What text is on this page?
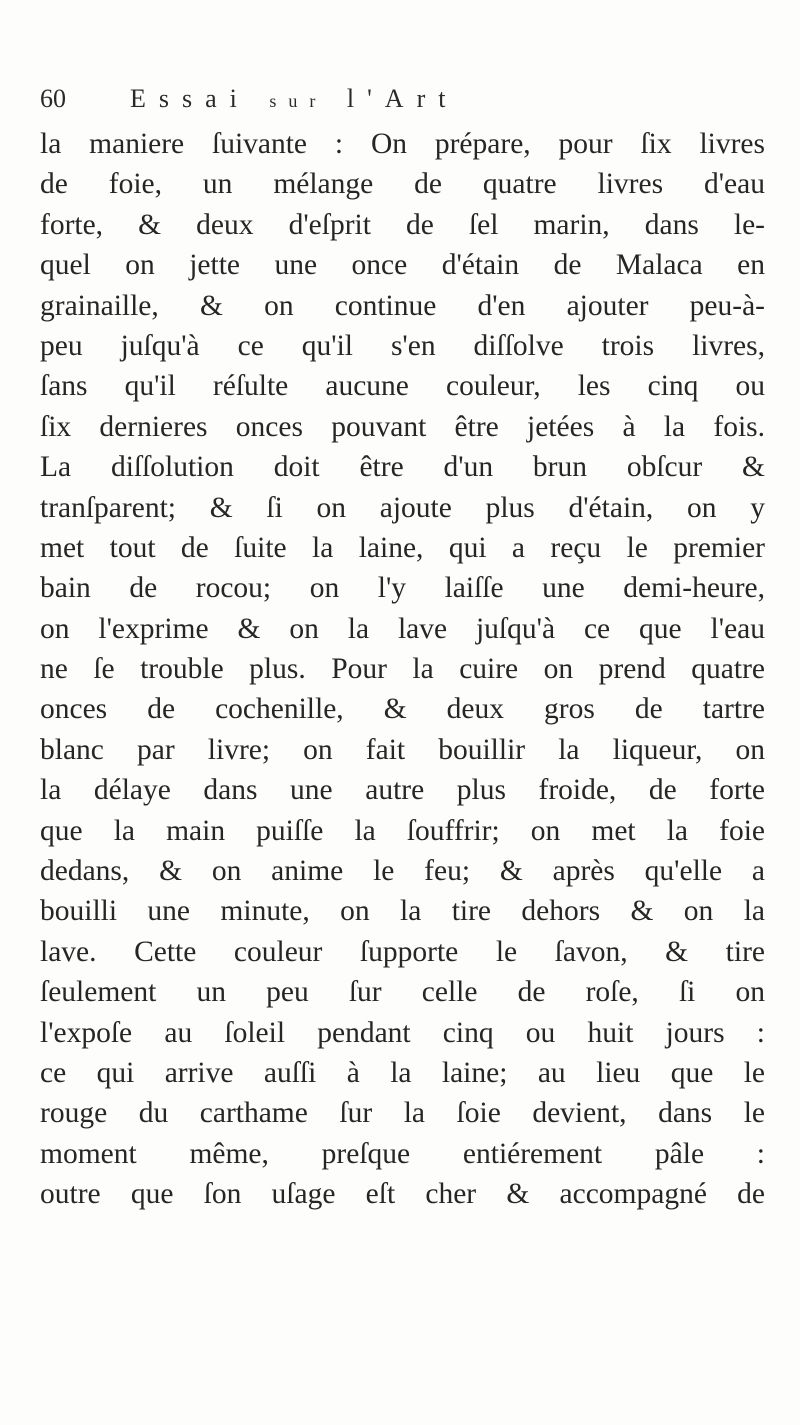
60	Essai sur l'Art
la maniere ſuivante : On prépare, pour ſix livres
de foie, un mélange de quatre livres d'eau
forte, & deux d'eſprit de ſel marin, dans le-
quel on jette une once d'étain de Malaca en
grainaille, & on continue d'en ajouter peu-à-
peu juſqu'à ce qu'il s'en diſſolve trois livres,
ſans qu'il réſulte aucune couleur, les cinq ou
ſix dernieres onces pouvant être jetées à la fois.
La diſſolution doit être d'un brun obſcur &
tranſparent; & ſi on ajoute plus d'étain, on y
met tout de ſuite la laine, qui a reçu le premier
bain de rocou; on l'y laiſſe une demi-heure,
on l'exprime & on la lave juſqu'à ce que l'eau
ne ſe trouble plus. Pour la cuire on prend quatre
onces de cochenille, & deux gros de tartre
blanc par livre; on fait bouillir la liqueur, on
la délaye dans une autre plus froide, de forte
que la main puiſſe la ſouffrir; on met la foie
dedans, & on anime le feu; & après qu'elle a
bouilli une minute, on la tire dehors & on la
lave. Cette couleur ſupporte le ſavon, & tire
ſeulement un peu ſur celle de roſe, ſi on
l'expoſe au ſoleil pendant cinq ou huit jours :
ce qui arrive auſſi à la laine; au lieu que le
rouge du carthame ſur la ſoie devient, dans le
moment même, preſque entiérement pâle :
outre que ſon uſage eſt cher & accompagné de
